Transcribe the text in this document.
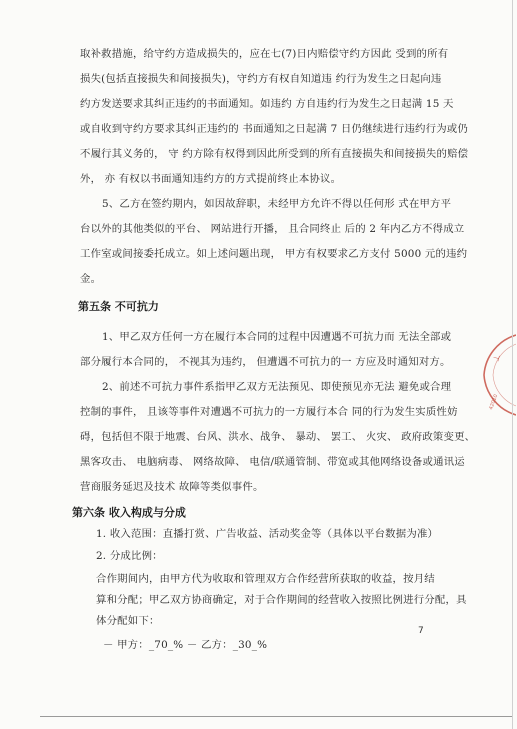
取补救措施，给守约方造成损失的，应在七(7)日内赔偿守约方因此 受到的所有
损失(包括直接损失和间接损失)，守约方有权自知道违 约行为发生之日起向违
约方发送要求其纠正违约的书面通知。如违约 方自违约行为发生之日起满 15 天
或自收到守约方要求其纠正违约的 书面通知之日起满 7 日仍继续进行违约行为或仍
不履行其义务的， 守 约方除有权得到因此所受到的所有直接损失和间接损失的赔偿
外， 亦 有权以书面通知违约方的方式提前终止本协议。
5、乙方在签约期内，如因故辞职，未经甲方允许不得以任何形 式在甲方平
台以外的其他类似的平台、 网站进行开播， 且合同终止 后的 2 年内乙方不得成立
工作室或间接委托成立。如上述问题出现， 甲方有权要求乙方支付 5000 元的违约
金。
第五条 不可抗力
1、甲乙双方任何一方在履行本合同的过程中因遭遇不可抗力而 无法全部或
部分履行本合同的， 不视其为违约， 但遭遇不可抗力的一 方应及时通知对方。
2、前述不可抗力事件系指甲乙双方无法预见、即使预见亦无法 避免或合理
控制的事件， 且该等事件对遭遇不可抗力的一方履行本合 同的行为发生实质性妨
碍，包括但不限于地震、台风、洪水、战争、 暴动、 罢工、 火灾、 政府政策变更、
黑客攻击、 电脑病毒、 网络故障、 电信/联通管制、带宽或其他网络设备或通讯运
营商服务延迟及技术 故障等类似事件。
第六条 收入构成与分成
1. 收入范围：直播打赏、广告收益、活动奖金等（具体以平台数据为准）
2. 分成比例：
合作期间内，由甲方代为收取和管理双方合作经营所获取的收益，按月结
算和分配；甲乙双方协商确定，对于合作期间的经营收入按照比例进行分配，具
体分配如下：
－ 甲方：_70_% － 乙方：_30_%
7
⊥
42010
